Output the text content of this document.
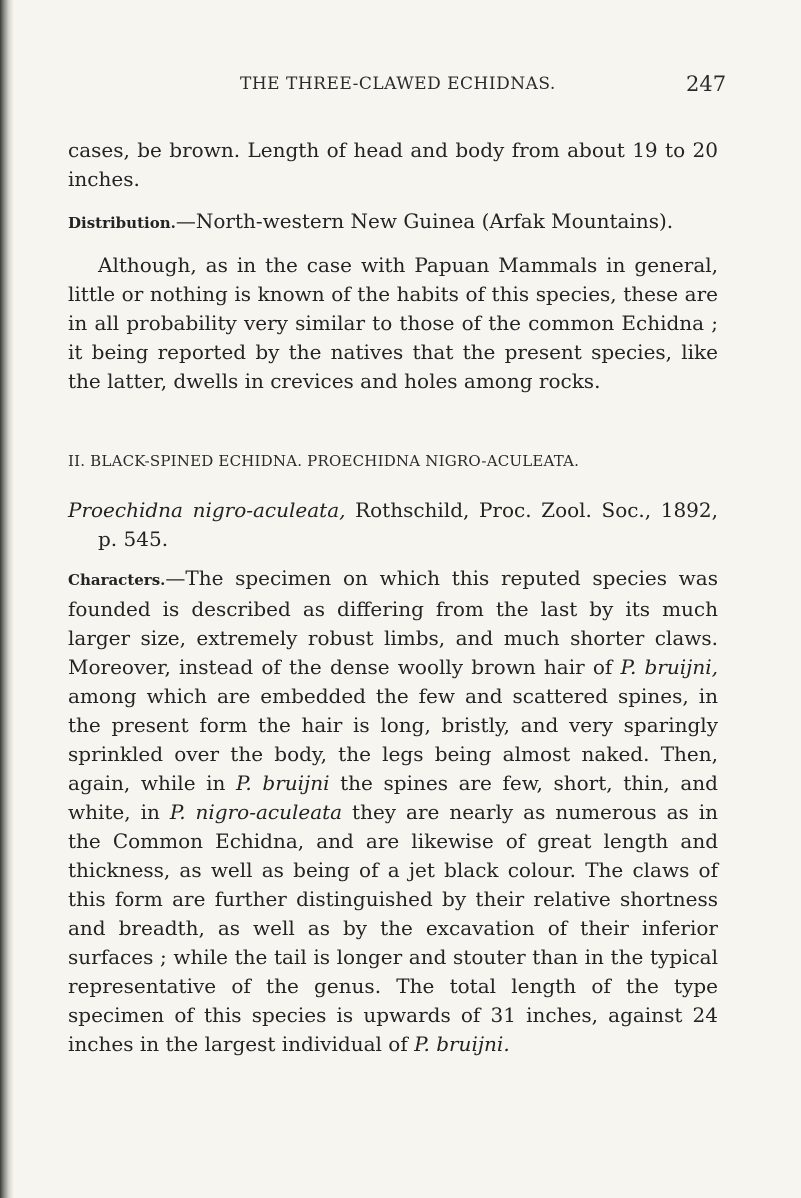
THE THREE-CLAWED ECHIDNAS.	247

cases, be brown. Length of head and body from about 19 to 20 inches.

Distribution.—North-western New Guinea (Arfak Mountains).

Although, as in the case with Papuan Mammals in general, little or nothing is known of the habits of this species, these are in all probability very similar to those of the common Echidna ; it being reported by the natives that the present species, like the latter, dwells in crevices and holes among rocks.

II. BLACK-SPINED ECHIDNA. PROECHIDNA NIGRO-ACULEATA.

Proechidna nigro-aculeata, Rothschild, Proc. Zool. Soc., 1892, p. 545.

Characters.—The specimen on which this reputed species was founded is described as differing from the last by its much larger size, extremely robust limbs, and much shorter claws. Moreover, instead of the dense woolly brown hair of P. bruijni, among which are embedded the few and scattered spines, in the present form the hair is long, bristly, and very sparingly sprinkled over the body, the legs being almost naked. Then, again, while in P. bruijni the spines are few, short, thin, and white, in P. nigro-aculeata they are nearly as numerous as in the Common Echidna, and are likewise of great length and thickness, as well as being of a jet black colour. The claws of this form are further distinguished by their relative shortness and breadth, as well as by the excavation of their inferior surfaces ; while the tail is longer and stouter than in the typical representative of the genus. The total length of the type specimen of this species is upwards of 31 inches, against 24 inches in the largest individual of P. bruijni.
